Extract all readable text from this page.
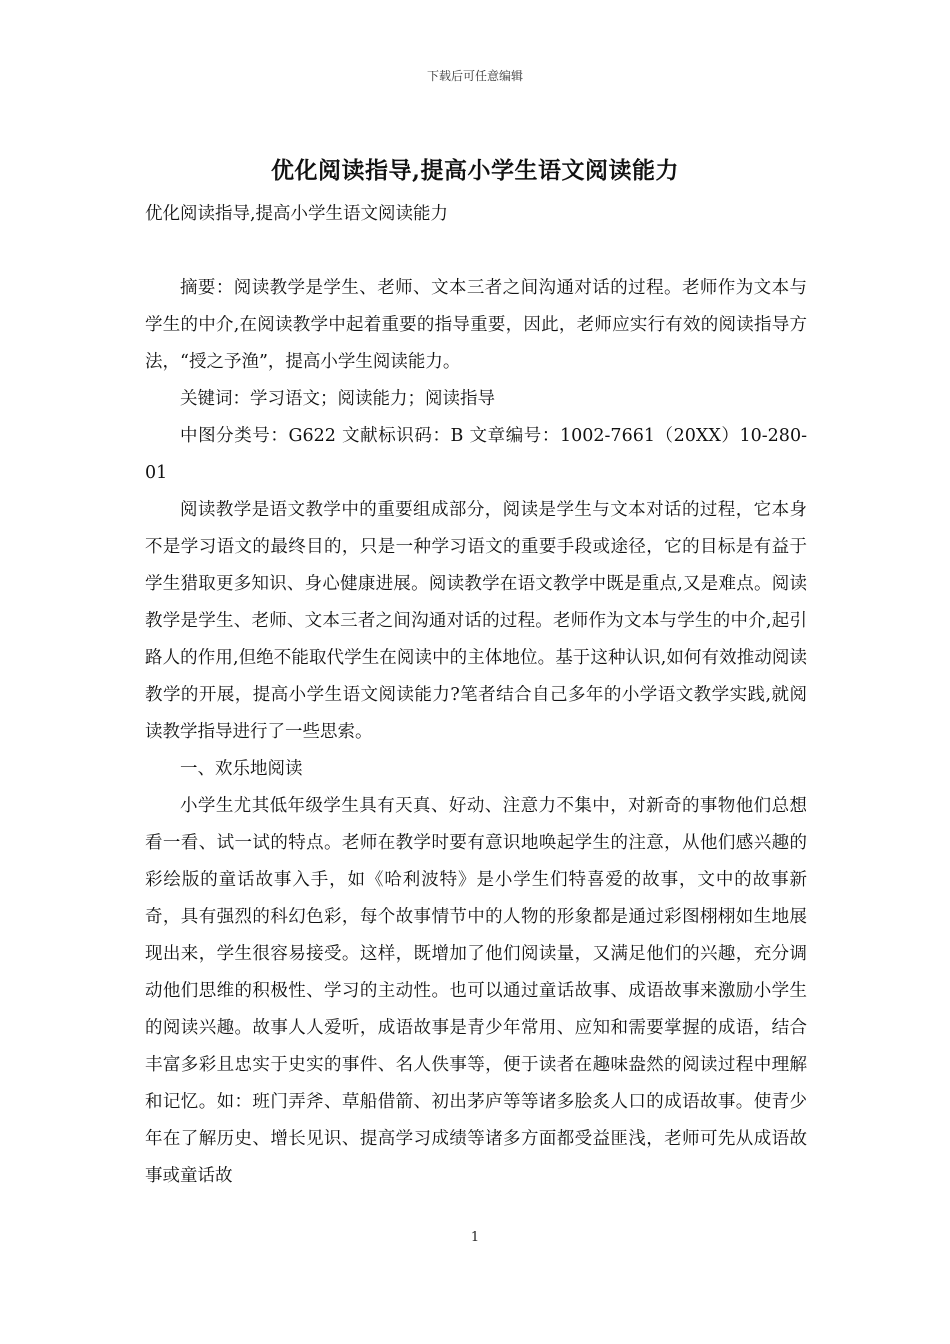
下载后可任意编辑
优化阅读指导,提高小学生语文阅读能力

优化阅读指导,提高小学生语文阅读能力

摘要：阅读教学是学生、老师、文本三者之间沟通对话的过程。老师作为文本与学生的中介,在阅读教学中起着重要的指导重要，因此，老师应实行有效的阅读指导方法，“授之予渔”，提高小学生阅读能力。

关键词：学习语文；阅读能力；阅读指导

中图分类号：G622 文献标识码：B 文章编号：1002-7661（20XX）10-280-01

阅读教学是语文教学中的重要组成部分，阅读是学生与文本对话的过程，它本身不是学习语文的最终目的，只是一种学习语文的重要手段或途径，它的目标是有益于学生猎取更多知识、身心健康进展。阅读教学在语文教学中既是重点,又是难点。阅读教学是学生、老师、文本三者之间沟通对话的过程。老师作为文本与学生的中介,起引路人的作用,但绝不能取代学生在阅读中的主体地位。基于这种认识,如何有效推动阅读教学的开展，提高小学生语文阅读能力?笔者结合自己多年的小学语文教学实践,就阅读教学指导进行了一些思索。

一、欢乐地阅读

小学生尤其低年级学生具有天真、好动、注意力不集中，对新奇的事物他们总想看一看、试一试的特点。老师在教学时要有意识地唤起学生的注意，从他们感兴趣的彩绘版的童话故事入手，如《哈利波特》是小学生们特喜爱的故事，文中的故事新奇，具有强烈的科幻色彩，每个故事情节中的人物的形象都是通过彩图栩栩如生地展现出来，学生很容易接受。这样，既增加了他们阅读量，又满足他们的兴趣，充分调动他们思维的积极性、学习的主动性。也可以通过童话故事、成语故事来激励小学生的阅读兴趣。故事人人爱听，成语故事是青少年常用、应知和需要掌握的成语，结合丰富多彩且忠实于史实的事件、名人佚事等，便于读者在趣味盎然的阅读过程中理解和记忆。如：班门弄斧、草船借箭、初出茅庐等等诸多脍炙人口的成语故事。使青少年在了解历史、增长见识、提高学习成绩等诸多方面都受益匪浅，老师可先从成语故事或童话故

1
